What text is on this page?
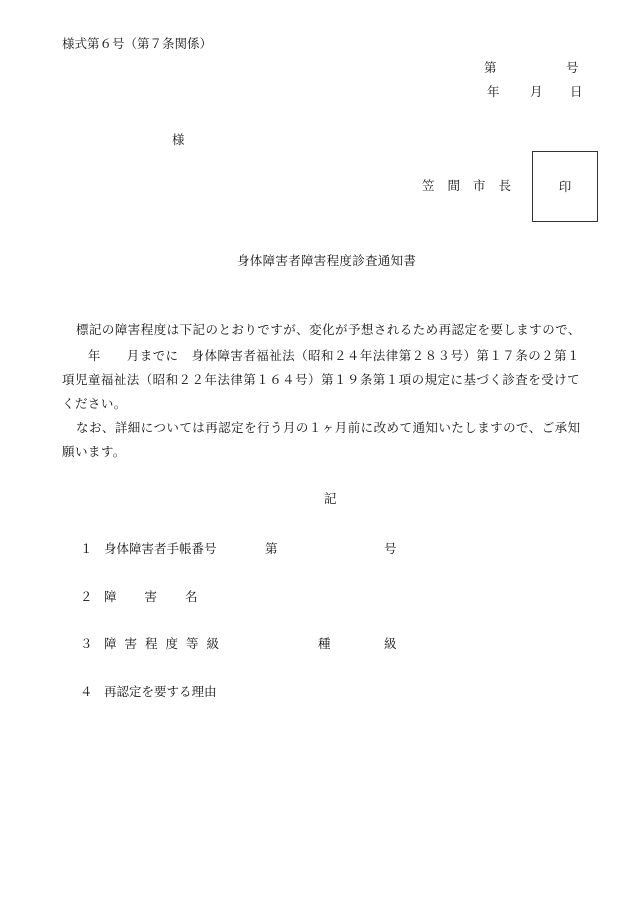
様式第６号（第７条関係）
第	号
年 月 日
様
笠間市長	印
身体障害者障害程度診査通知書
標記の障害程度は下記のとおりですが、変化が予想されるため再認定を要しますので、
　　年　　月までに　身体障害者福祉法（昭和２４年法律第２８３号）第１７条の２第１
項児童福祉法（昭和２２年法律第１６４号）第１９条第１項の規定に基づく診査を受けて
ください。
なお、詳細については再認定を行う月の１ヶ月前に改めて通知いたしますので、ご承知
願います。
記
１ 身体障害者手帳番号	第	号
２ 障害名
３ 障害程度等級	種	級
４ 再認定を要する理由
